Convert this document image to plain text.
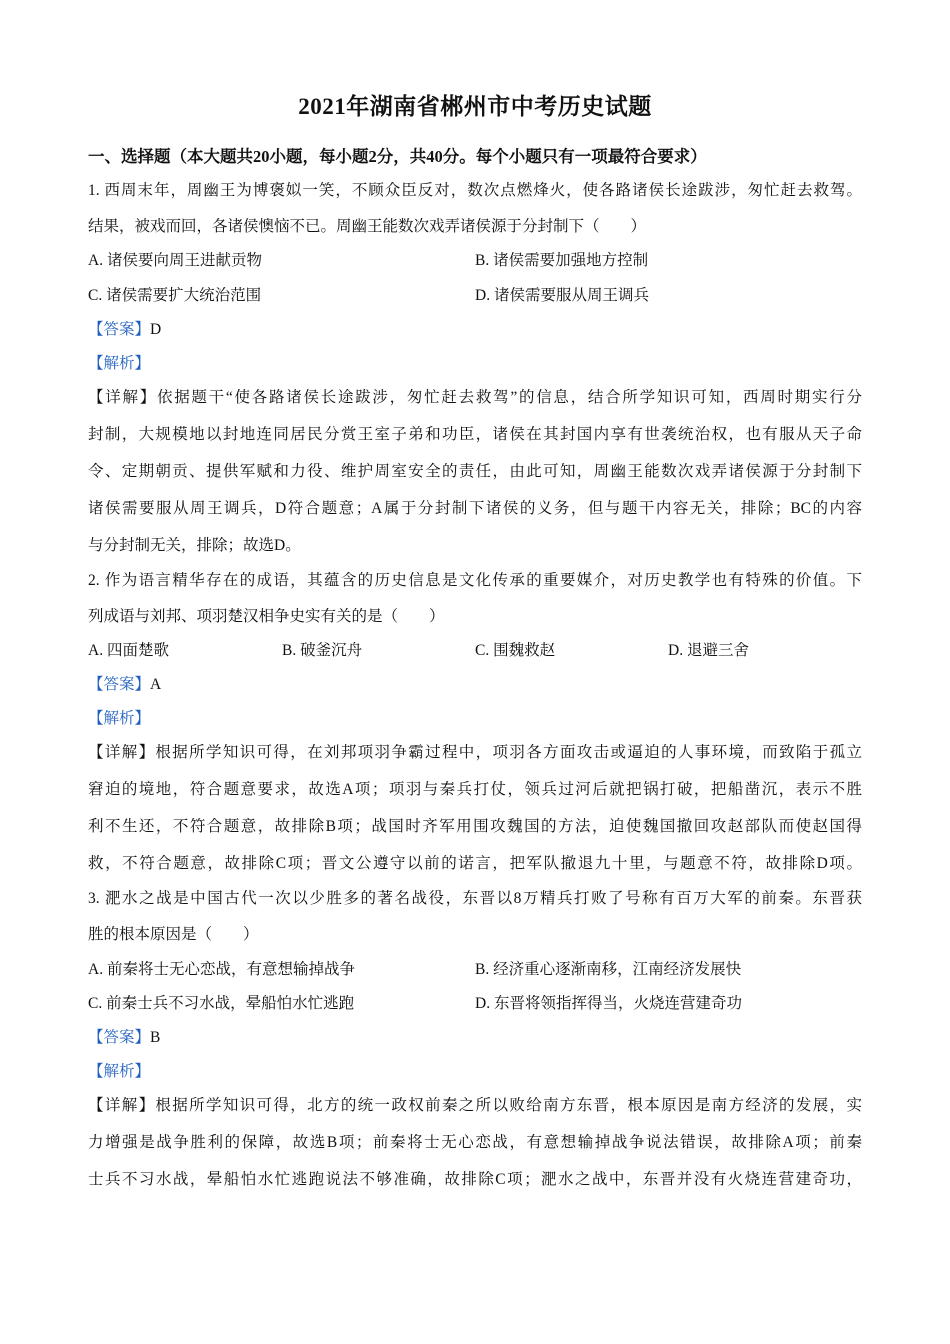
2021年湖南省郴州市中考历史试题
一、选择题（本大题共20小题，每小题2分，共40分。每个小题只有一项最符合要求）
1. 西周末年，周幽王为博褒姒一笑，不顾众臣反对，数次点燃烽火，使各路诸侯长途跋涉，匆忙赶去救驾。
结果，被戏而回，各诸侯懊恼不已。周幽王能数次戏弄诸侯源于分封制下（　　）
A. 诸侯要向周王进献贡物	B. 诸侯需要加强地方控制
C. 诸侯需要扩大统治范围	D. 诸侯需要服从周王调兵
【答案】D
【解析】
【详解】依据题干“使各路诸侯长途跋涉，匆忙赶去救驾”的信息，结合所学知识可知，西周时期实行分
封制，大规模地以封地连同居民分赏王室子弟和功臣，诸侯在其封国内享有世袭统治权，也有服从天子命
令、定期朝贡、提供军赋和力役、维护周室安全的责任，由此可知，周幽王能数次戏弄诸侯源于分封制下
诸侯需要服从周王调兵，D符合题意；A属于分封制下诸侯的义务，但与题干内容无关，排除；BC的内容
与分封制无关，排除；故选D。
2. 作为语言精华存在的成语，其蕴含的历史信息是文化传承的重要媒介，对历史教学也有特殊的价值。下
列成语与刘邦、项羽楚汉相争史实有关的是（　　）
A. 四面楚歌	B. 破釜沉舟	C. 围魏救赵	D. 退避三舍
【答案】A
【解析】
【详解】根据所学知识可得，在刘邦项羽争霸过程中，项羽各方面攻击或逼迫的人事环境，而致陷于孤立
窘迫的境地，符合题意要求，故选A项；项羽与秦兵打仗，领兵过河后就把锅打破，把船凿沉，表示不胜
利不生还，不符合题意，故排除B项；战国时齐军用围攻魏国的方法，迫使魏国撤回攻赵部队而使赵国得
救，不符合题意，故排除C项；晋文公遵守以前的诺言，把军队撤退九十里，与题意不符，故排除D项。
3. 淝水之战是中国古代一次以少胜多的著名战役，东晋以8万精兵打败了号称有百万大军的前秦。东晋获
胜的根本原因是（　　）
A. 前秦将士无心恋战，有意想输掉战争	B. 经济重心逐渐南移，江南经济发展快
C. 前秦士兵不习水战，晕船怕水忙逃跑	D. 东晋将领指挥得当，火烧连营建奇功
【答案】B
【解析】
【详解】根据所学知识可得，北方的统一政权前秦之所以败给南方东晋，根本原因是南方经济的发展，实
力增强是战争胜利的保障，故选B项；前秦将士无心恋战，有意想输掉战争说法错误，故排除A项；前秦
士兵不习水战，晕船怕水忙逃跑说法不够准确，故排除C项；淝水之战中，东晋并没有火烧连营建奇功，
